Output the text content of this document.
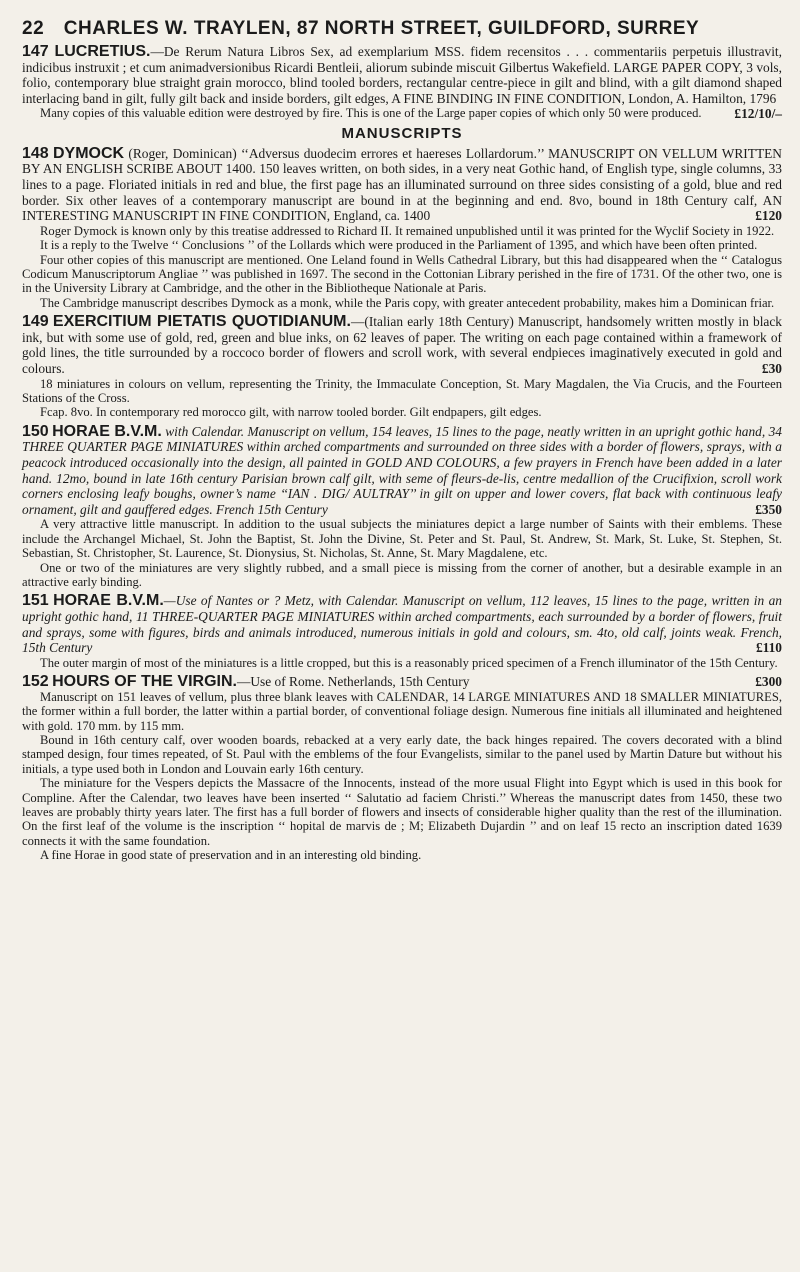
22 CHARLES W. TRAYLEN, 87 NORTH STREET, GUILDFORD, SURREY

147 LUCRETIUS.—De Rerum Natura Libros Sex, ad exemplarium MSS. fidem recensitos . . . commentariis perpetuis illustravit, indicibus instruxit ; et cum animadversionibus Ricardi Bentleii, aliorum subinde miscuit Gilbertus Wakefield. LARGE PAPER COPY, 3 vols, folio, contemporary blue straight grain morocco, blind tooled borders, rectangular centre-piece in gilt and blind, with a gilt diamond shaped interlacing band in gilt, fully gilt back and inside borders, gilt edges, A FINE BINDING IN FINE CONDITION, London, A. Hamilton, 1796
£12/10/–

Many copies of this valuable edition were destroyed by fire. This is one of the Large paper copies of which only 50 were produced.

MANUSCRIPTS

148 DYMOCK (Roger, Dominican) ‘‘Adversus duodecim errores et haereses Lollardorum.’’ MANUSCRIPT ON VELLUM WRITTEN BY AN ENGLISH SCRIBE ABOUT 1400. 150 leaves written, on both sides, in a very neat Gothic hand, of English type, single columns, 33 lines to a page. Floriated initials in red and blue, the first page has an illuminated surround on three sides consisting of a gold, blue and red border. Six other leaves of a contemporary manuscript are bound in at the beginning and end. 8vo, bound in 18th Century calf, AN INTERESTING MANUSCRIPT IN FINE CONDITION, England, ca. 1400	£120

Roger Dymock is known only by this treatise addressed to Richard II. It remained unpublished until it was printed for the Wyclif Society in 1922.

It is a reply to the Twelve ‘‘ Conclusions ’’ of the Lollards which were produced in the Parliament of 1395, and which have been often printed.

Four other copies of this manuscript are mentioned. One Leland found in Wells Cathedral Library, but this had disappeared when the ‘‘ Catalogus Codicum Manuscriptorum Angliae ’’ was published in 1697. The second in the Cottonian Library perished in the fire of 1731. Of the other two, one is in the University Library at Cambridge, and the other in the Bibliotheque Nationale at Paris.

The Cambridge manuscript describes Dymock as a monk, while the Paris copy, with greater antecedent probability, makes him a Dominican friar.

149 EXERCITIUM PIETATIS QUOTIDIANUM.—(Italian early 18th Century) Manuscript, handsomely written mostly in black ink, but with some use of gold, red, green and blue inks, on 62 leaves of paper. The writing on each page contained within a framework of gold lines, the title surrounded by a roccoco border of flowers and scroll work, with several endpieces imaginatively executed in gold and colours.	£30

18 miniatures in colours on vellum, representing the Trinity, the Immaculate Conception, St. Mary Magdalen, the Via Crucis, and the Fourteen Stations of the Cross.

Fcap. 8vo. In contemporary red morocco gilt, with narrow tooled border. Gilt endpapers, gilt edges.

150 HORAE B.V.M. with Calendar. Manuscript on vellum, 154 leaves, 15 lines to the page, neatly written in an upright gothic hand, 34 THREE QUARTER PAGE MINIATURES within arched compartments and surrounded on three sides with a border of flowers, sprays, with a peacock introduced occasionally into the design, all painted in GOLD AND COLOURS, a few prayers in French have been added in a later hand. 12mo, bound in late 16th century Parisian brown calf gilt, with seme of fleurs-de-lis, centre medallion of the Crucifixion, scroll work corners enclosing leafy boughs, owner’s name ‘‘IAN . DIG/ AULTRAY’’ in gilt on upper and lower covers, flat back with continuous leafy ornament, gilt and gauffered edges. French 15th Century	£350

A very attractive little manuscript. In addition to the usual subjects the miniatures depict a large number of Saints with their emblems. These include the Archangel Michael, St. John the Baptist, St. John the Divine, St. Peter and St. Paul, St. Andrew, St. Mark, St. Luke, St. Stephen, St. Sebastian, St. Christopher, St. Laurence, St. Dionysius, St. Nicholas, St. Anne, St. Mary Magdalene, etc.

One or two of the miniatures are very slightly rubbed, and a small piece is missing from the corner of another, but a desirable example in an attractive early binding.

151 HORAE B.V.M.—Use of Nantes or ? Metz, with Calendar. Manuscript on vellum, 112 leaves, 15 lines to the page, written in an upright gothic hand, 11 THREE-QUARTER PAGE MINIATURES within arched compartments, each surrounded by a border of flowers, fruit and sprays, some with figures, birds and animals introduced, numerous initials in gold and colours, sm. 4to, old calf, joints weak. French, 15th Century	£110

The outer margin of most of the miniatures is a little cropped, but this is a reasonably priced specimen of a French illuminator of the 15th Century.

152 HOURS OF THE VIRGIN.—Use of Rome. Netherlands, 15th Century	£300

Manuscript on 151 leaves of vellum, plus three blank leaves with CALENDAR, 14 LARGE MINIATURES AND 18 SMALLER MINIATURES, the former within a full border, the latter within a partial border, of conventional foliage design. Numerous fine initials all illuminated and heightened with gold. 170 mm. by 115 mm.

Bound in 16th century calf, over wooden boards, rebacked at a very early date, the back hinges repaired. The covers decorated with a blind stamped design, four times repeated, of St. Paul with the emblems of the four Evangelists, similar to the panel used by Martin Dature but without his initials, a type used both in London and Louvain early 16th century.

The miniature for the Vespers depicts the Massacre of the Innocents, instead of the more usual Flight into Egypt which is used in this book for Compline. After the Calendar, two leaves have been inserted ‘‘ Salutatio ad faciem Christi.’’ Whereas the manuscript dates from 1450, these two leaves are probably thirty years later. The first has a full border of flowers and insects of considerable higher quality than the rest of the illumination. On the first leaf of the volume is the inscription ‘‘ hopital de marvis de ; M; Elizabeth Dujardin ’’ and on leaf 15 recto an inscription dated 1639 connects it with the same foundation.

A fine Horae in good state of preservation and in an interesting old binding.
